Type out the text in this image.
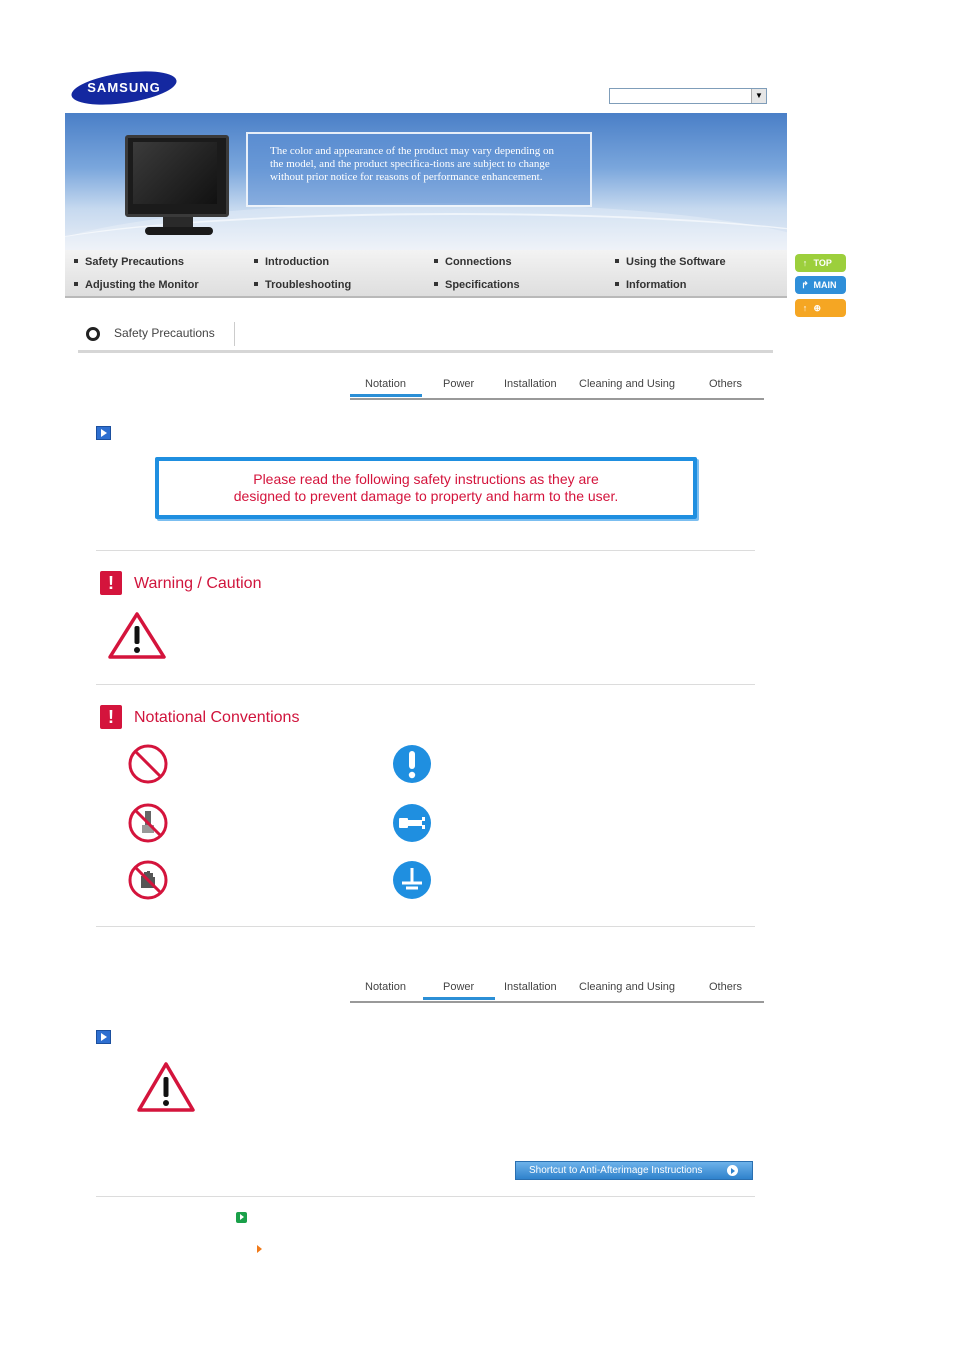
SAMSUNG
▼
The color and appearance of the product may vary depending on the model, and the product specifica-tions are subject to change without prior notice for reasons of performance enhancement.
Safety Precautions	Introduction	Connections	Using the Software
Adjusting the Monitor	Troubleshooting	Specifications	Information
↑ TOP
↱ MAIN
↑ ⊕
Safety Precautions
Notation	Power	Installation Cleaning and Using	Others
Please read the following safety instructions as they are
designed to prevent damage to property and harm to the user.
!	Warning / Caution
!	Notational Conventions
Notation	Power	Installation Cleaning and Using	Others
Shortcut to Anti-Afterimage Instructions
